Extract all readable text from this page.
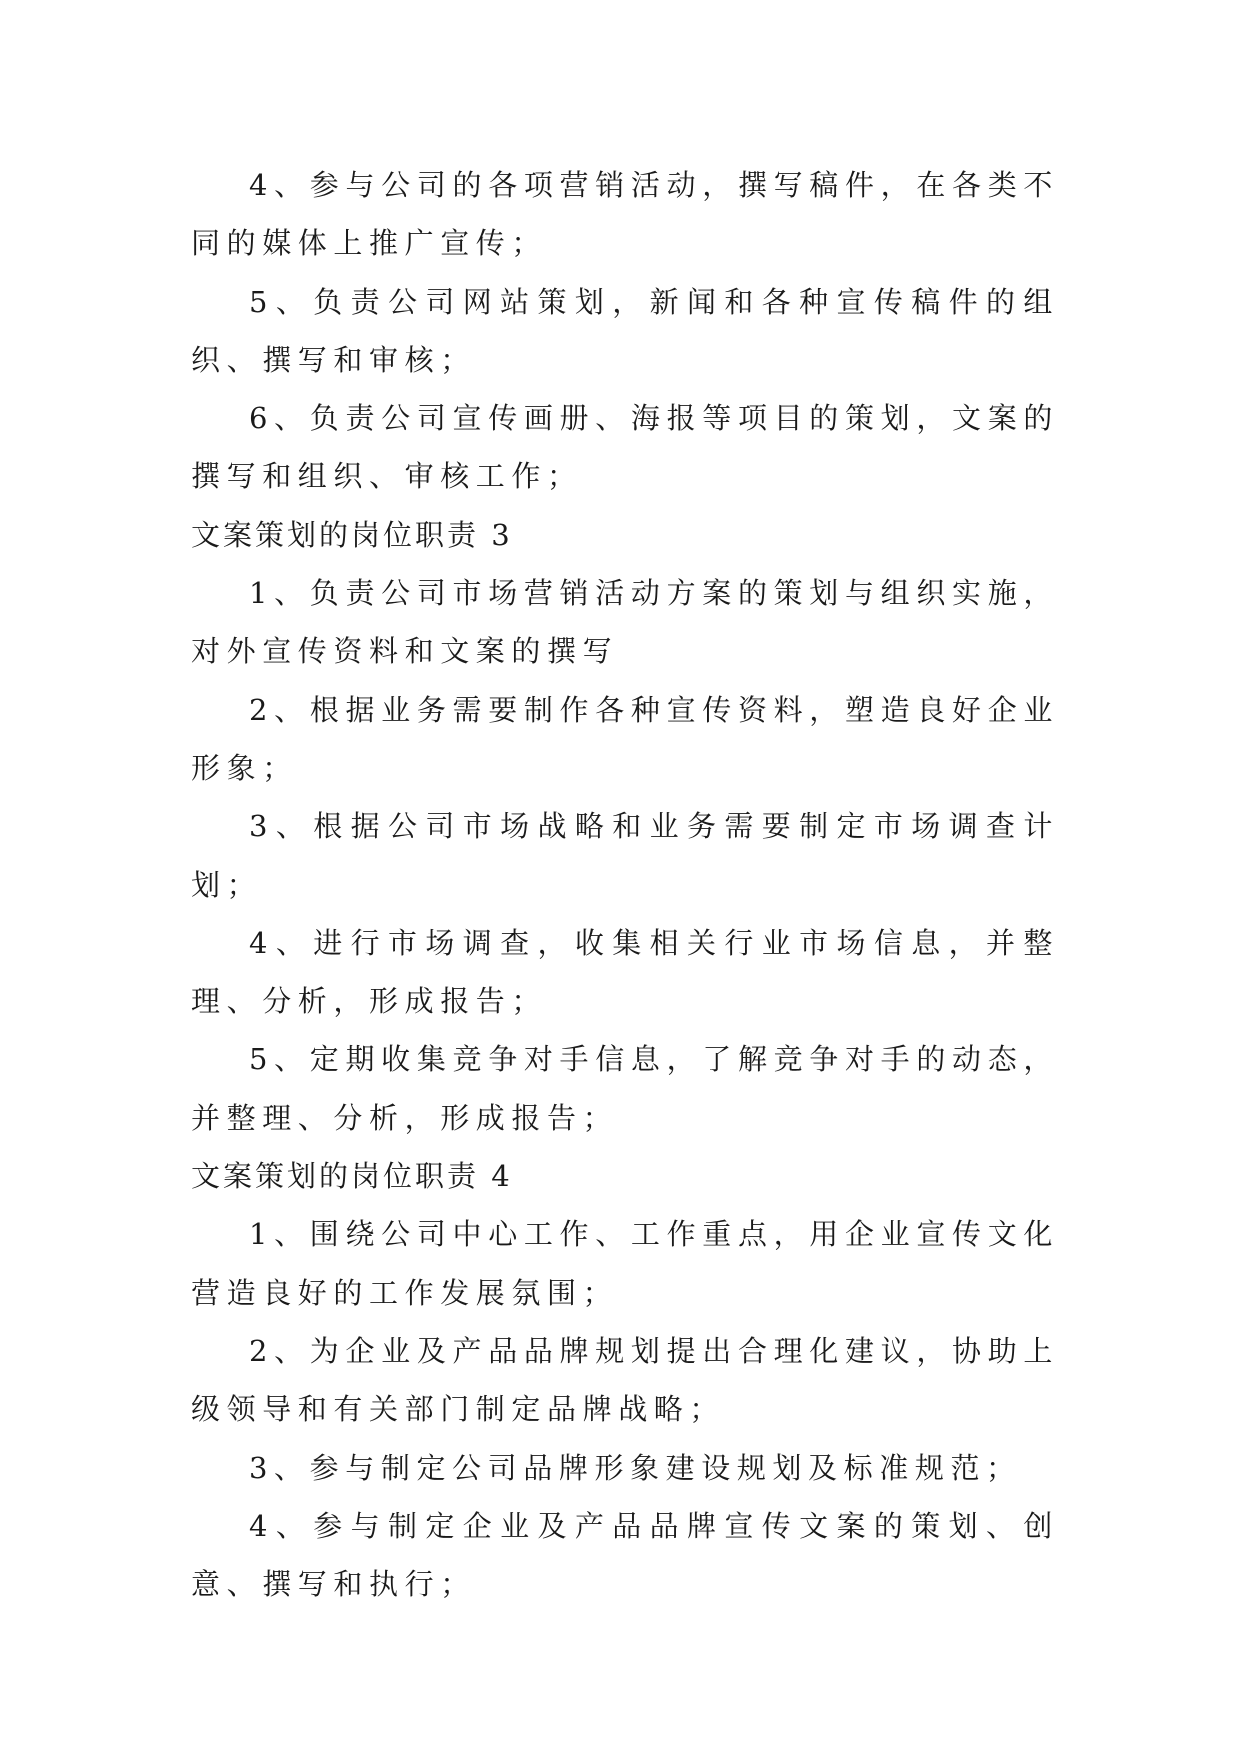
4、参与公司的各项营销活动，撰写稿件，在各类不同的媒体上推广宣传；

5、负责公司网站策划，新闻和各种宣传稿件的组织、撰写和审核；

6、负责公司宣传画册、海报等项目的策划，文案的撰写和组织、审核工作；

文案策划的岗位职责 3

1、负责公司市场营销活动方案的策划与组织实施，对外宣传资料和文案的撰写

2、根据业务需要制作各种宣传资料，塑造良好企业形象；

3、根据公司市场战略和业务需要制定市场调查计划；

4、进行市场调查，收集相关行业市场信息，并整理、分析，形成报告；

5、定期收集竞争对手信息，了解竞争对手的动态，并整理、分析，形成报告；

文案策划的岗位职责 4

1、围绕公司中心工作、工作重点，用企业宣传文化营造良好的工作发展氛围；

2、为企业及产品品牌规划提出合理化建议，协助上级领导和有关部门制定品牌战略；

3、参与制定公司品牌形象建设规划及标准规范；

4、参与制定企业及产品品牌宣传文案的策划、创意、撰写和执行；
